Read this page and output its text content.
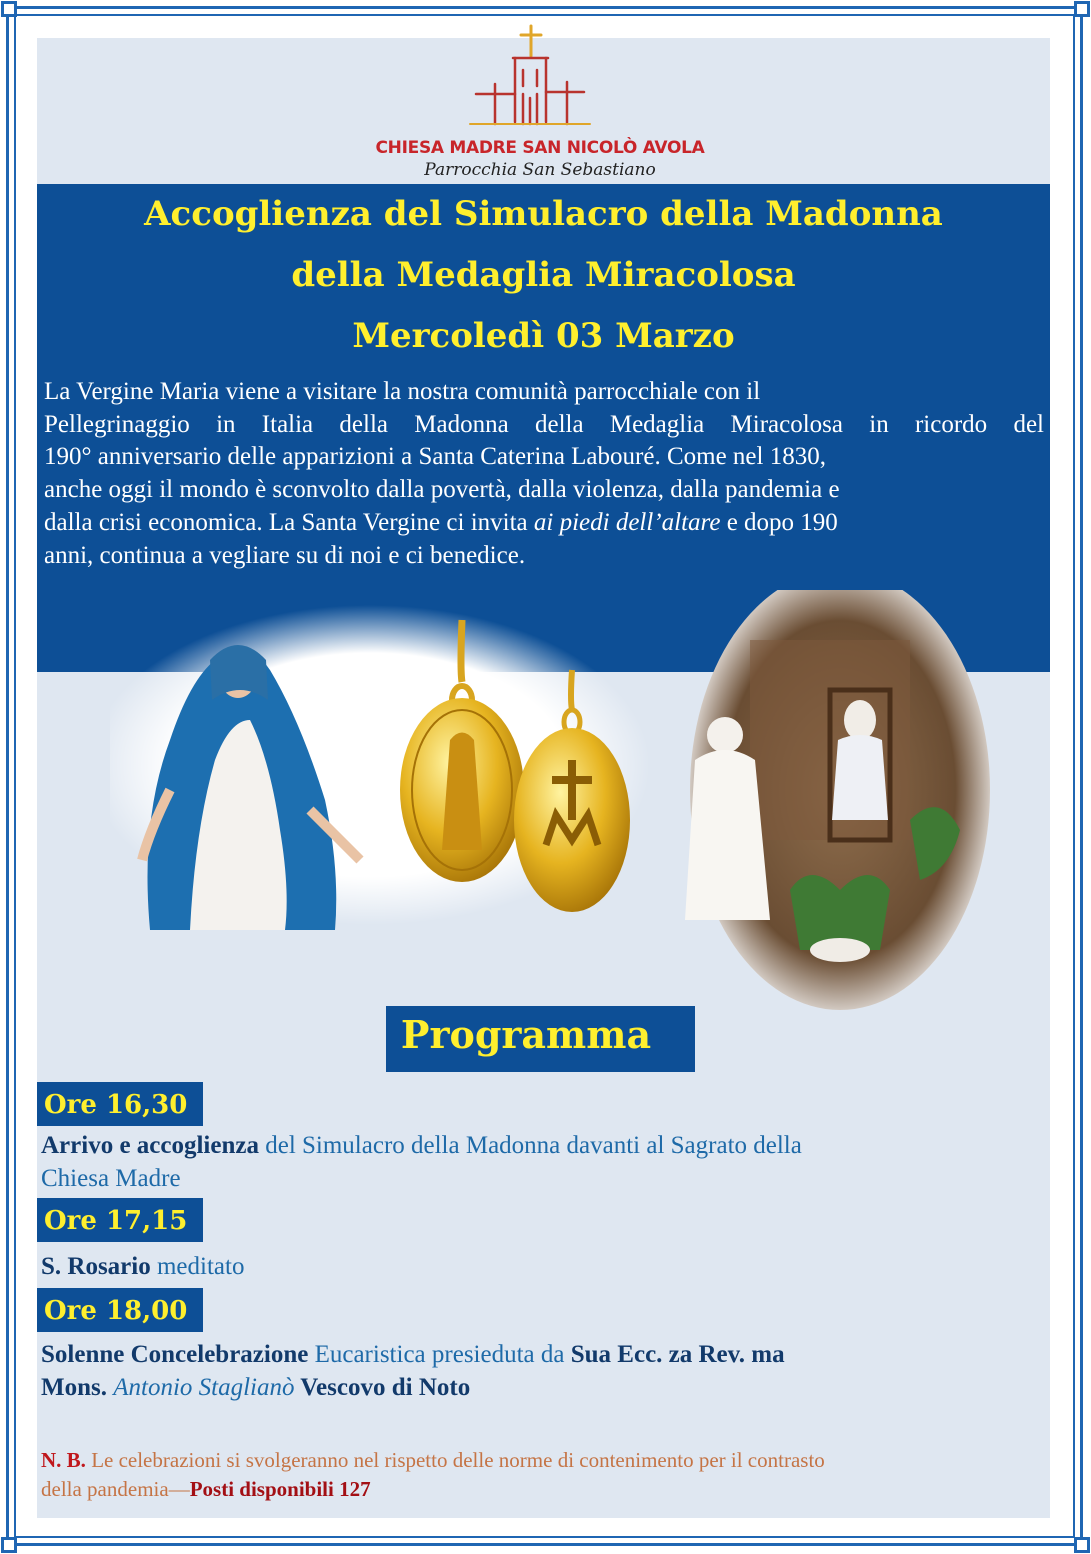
CHIESA MADRE SAN NICOLÒ AVOLA
Parrocchia San Sebastiano
Accoglienza del Simulacro della Madonna
della Medaglia Miracolosa
Mercoledì 03 Marzo
La Vergine Maria viene a visitare la nostra comunità parrocchiale con il
Pellegrinaggio in Italia della Madonna della Medaglia Miracolosa in ricordo del
190° anniversario delle apparizioni a Santa Caterina Labouré. Come nel 1830,
anche oggi il mondo è sconvolto dalla povertà, dalla violenza, dalla pandemia e
dalla crisi economica. La Santa Vergine ci invita ai piedi dell’altare e dopo 190
anni, continua a vegliare su di noi e ci benedice.
Programma
Ore 16,30
Arrivo e accoglienza del Simulacro della Madonna davanti al Sagrato della
Chiesa Madre
Ore 17,15
S. Rosario meditato
Ore 18,00
Solenne Concelebrazione Eucaristica presieduta da Sua Ecc. za Rev. ma
Mons. Antonio Staglianò Vescovo di Noto
N. B. Le celebrazioni si svolgeranno nel rispetto delle norme di contenimento per il contrasto
della pandemia—Posti disponibili 127
